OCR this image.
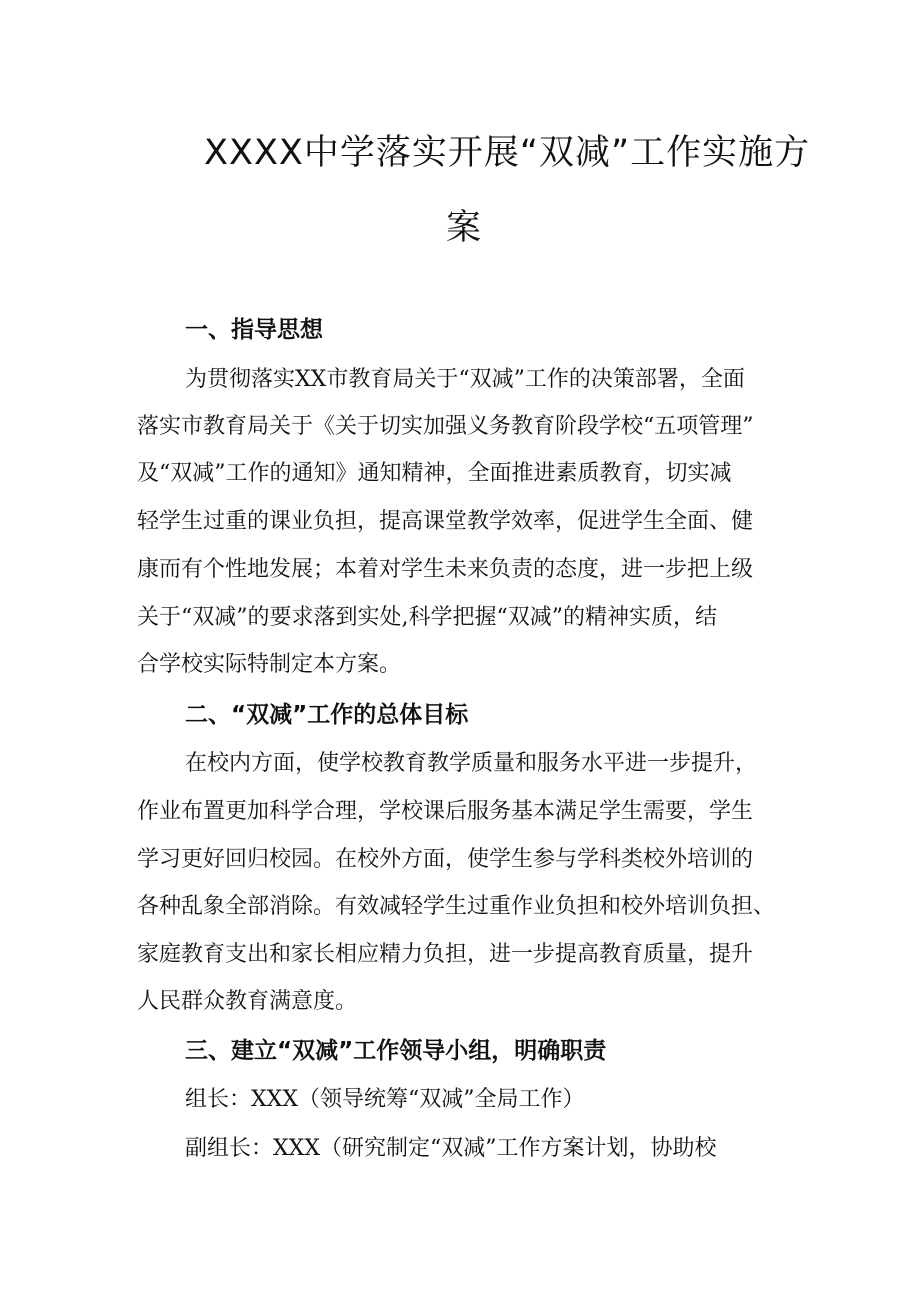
XXXX中学落实开展“双减”工作实施方
案
一、指导思想
为贯彻落实XX市教育局关于“双减”工作的决策部署，全面
落实市教育局关于《关于切实加强义务教育阶段学校“五项管理”
及“双减”工作的通知》通知精神，全面推进素质教育，切实减
轻学生过重的课业负担，提高课堂教学效率，促进学生全面、健
康而有个性地发展；本着对学生未来负责的态度，进一步把上级
关于“双减”的要求落到实处,科学把握“双减”的精神实质，结
合学校实际特制定本方案。
二、“双减”工作的总体目标
在校内方面，使学校教育教学质量和服务水平进一步提升，
作业布置更加科学合理，学校课后服务基本满足学生需要，学生
学习更好回归校园。在校外方面，使学生参与学科类校外培训的
各种乱象全部消除。有效减轻学生过重作业负担和校外培训负担、
家庭教育支出和家长相应精力负担，进一步提高教育质量，提升
人民群众教育满意度。
三、建立“双减”工作领导小组，明确职责
组长：XXX（领导统筹“双减”全局工作）
副组长：XXX（研究制定“双减”工作方案计划，协助校
